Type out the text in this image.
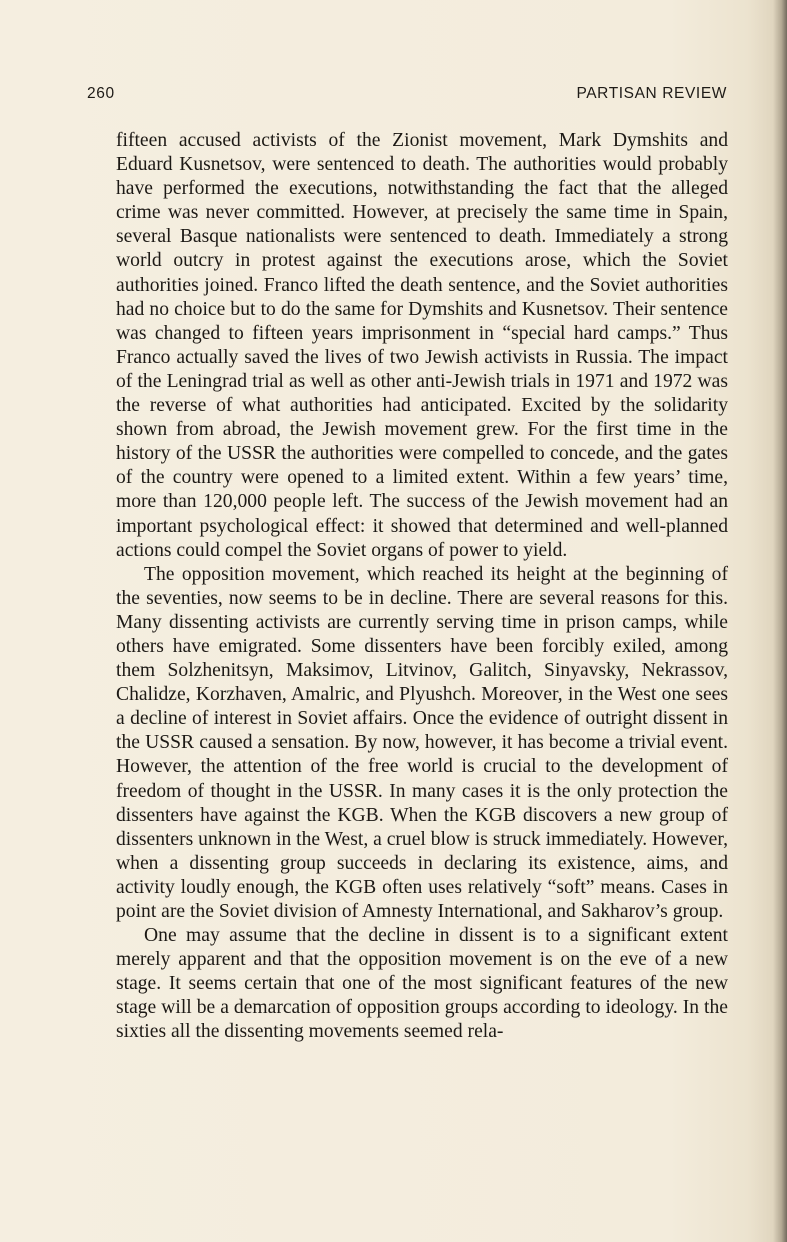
260	PARTISAN REVIEW

fifteen accused activists of the Zionist movement, Mark Dymshits and Eduard Kusnetsov, were sentenced to death. The authorities would probably have performed the executions, notwithstanding the fact that the alleged crime was never committed. However, at precisely the same time in Spain, several Basque nationalists were sentenced to death. Immediately a strong world outcry in protest against the executions arose, which the Soviet authorities joined. Franco lifted the death sentence, and the Soviet authorities had no choice but to do the same for Dymshits and Kusnetsov. Their sentence was changed to fifteen years imprisonment in “special hard camps.” Thus Franco actually saved the lives of two Jewish activists in Russia. The impact of the Leningrad trial as well as other anti-Jewish trials in 1971 and 1972 was the reverse of what authorities had anticipated. Excited by the solidarity shown from abroad, the Jewish movement grew. For the first time in the history of the USSR the authorities were compelled to concede, and the gates of the country were opened to a limited extent. Within a few years’ time, more than 120,000 people left. The success of the Jewish movement had an important psychological effect: it showed that determined and well-planned actions could compel the Soviet organs of power to yield.

The opposition movement, which reached its height at the beginning of the seventies, now seems to be in decline. There are several reasons for this. Many dissenting activists are currently serving time in prison camps, while others have emigrated. Some dissenters have been forcibly exiled, among them Solzhenitsyn, Maksimov, Litvinov, Galitch, Sinyavsky, Nekrassov, Chalidze, Korzhaven, Amalric, and Plyushch. Moreover, in the West one sees a decline of interest in Soviet affairs. Once the evidence of outright dissent in the USSR caused a sensation. By now, however, it has become a trivial event. However, the attention of the free world is crucial to the development of freedom of thought in the USSR. In many cases it is the only protection the dissenters have against the KGB. When the KGB discovers a new group of dissenters unknown in the West, a cruel blow is struck immediately. However, when a dissenting group succeeds in declaring its existence, aims, and activity loudly enough, the KGB often uses relatively “soft” means. Cases in point are the Soviet division of Amnesty International, and Sakharov’s group.

One may assume that the decline in dissent is to a significant extent merely apparent and that the opposition movement is on the eve of a new stage. It seems certain that one of the most significant features of the new stage will be a demarcation of opposition groups according to ideology. In the sixties all the dissenting movements seemed rela-
